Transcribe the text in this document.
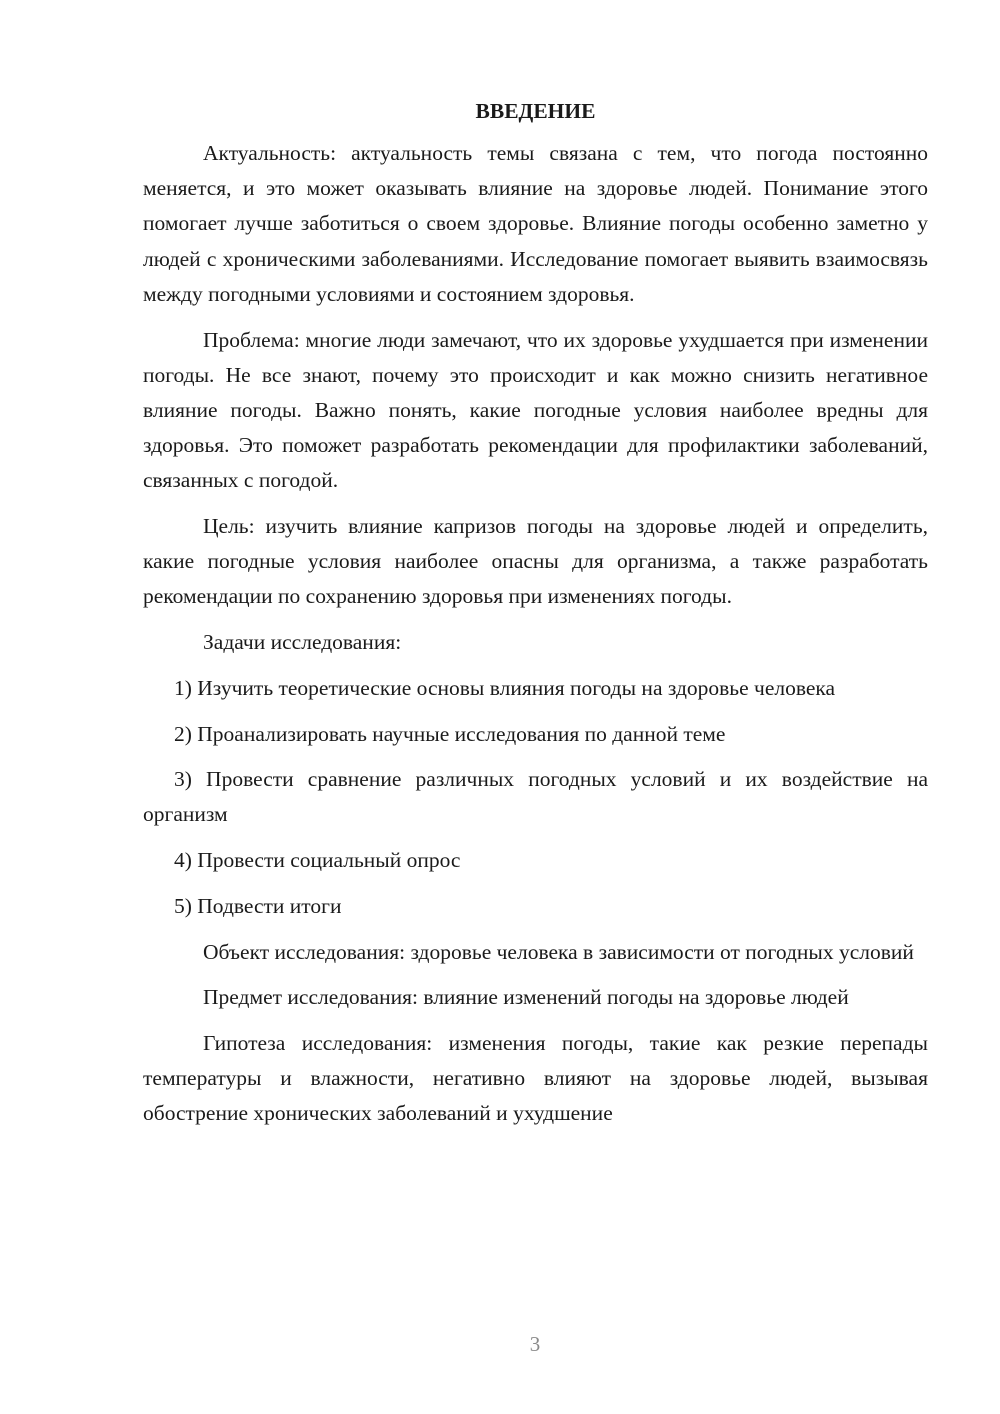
ВВЕДЕНИЕ

Актуальность: актуальность темы связана с тем, что погода постоянно меняется, и это может оказывать влияние на здоровье людей. Понимание этого помогает лучше заботиться о своем здоровье. Влияние погоды особенно заметно у людей с хроническими заболеваниями. Исследование помогает выявить взаимосвязь между погодными условиями и состоянием здоровья.

Проблема: многие люди замечают, что их здоровье ухудшается при изменении погоды. Не все знают, почему это происходит и как можно снизить негативное влияние погоды. Важно понять, какие погодные условия наиболее вредны для здоровья. Это поможет разработать рекомендации для профилактики заболеваний, связанных с погодой.

Цель: изучить влияние капризов погоды на здоровье людей и определить, какие погодные условия наиболее опасны для организма, а также разработать рекомендации по сохранению здоровья при изменениях погоды.

Задачи исследования:

1) Изучить теоретические основы влияния погоды на здоровье человека

2) Проанализировать научные исследования по данной теме

3) Провести сравнение различных погодных условий и их воздействие на организм

4) Провести социальный опрос

5) Подвести итоги

Объект исследования: здоровье человека в зависимости от погодных условий

Предмет исследования: влияние изменений погоды на здоровье людей

Гипотеза исследования: изменения погоды, такие как резкие перепады температуры и влажности, негативно влияют на здоровье людей, вызывая обострение хронических заболеваний и ухудшение

3
